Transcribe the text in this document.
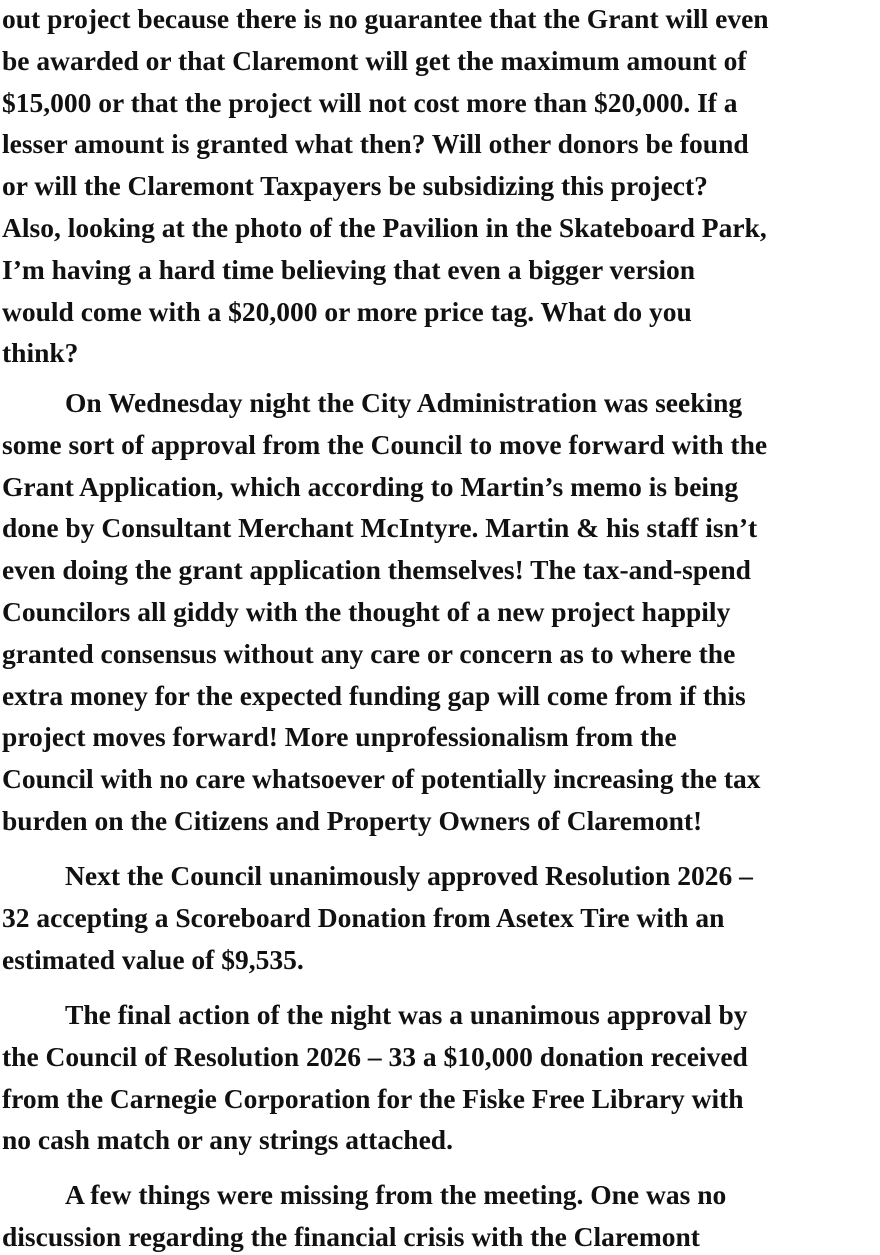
out project because there is no guarantee that the Grant will even
be awarded or that Claremont will get the maximum amount of
$15,000 or that the project will not cost more than $20,000. If a
lesser amount is granted what then? Will other donors be found
or will the Claremont Taxpayers be subsidizing this project?
Also, looking at the photo of the Pavilion in the Skateboard Park,
I’m having a hard time believing that even a bigger version
would come with a $20,000 or more price tag. What do you
think?
On Wednesday night the City Administration was seeking
some sort of approval from the Council to move forward with the
Grant Application, which according to Martin’s memo is being
done by Consultant Merchant McIntyre. Martin & his staff isn’t
even doing the grant application themselves! The tax-and-spend
Councilors all giddy with the thought of a new project happily
granted consensus without any care or concern as to where the
extra money for the expected funding gap will come from if this
project moves forward! More unprofessionalism from the
Council with no care whatsoever of potentially increasing the tax
burden on the Citizens and Property Owners of Claremont!
Next the Council unanimously approved Resolution 2026 –
32 accepting a Scoreboard Donation from Asetex Tire with an
estimated value of $9,535.
The final action of the night was a unanimous approval by
the Council of Resolution 2026 – 33 a $10,000 donation received
from the Carnegie Corporation for the Fiske Free Library with
no cash match or any strings attached.
A few things were missing from the meeting. One was no
discussion regarding the financial crisis with the Claremont
